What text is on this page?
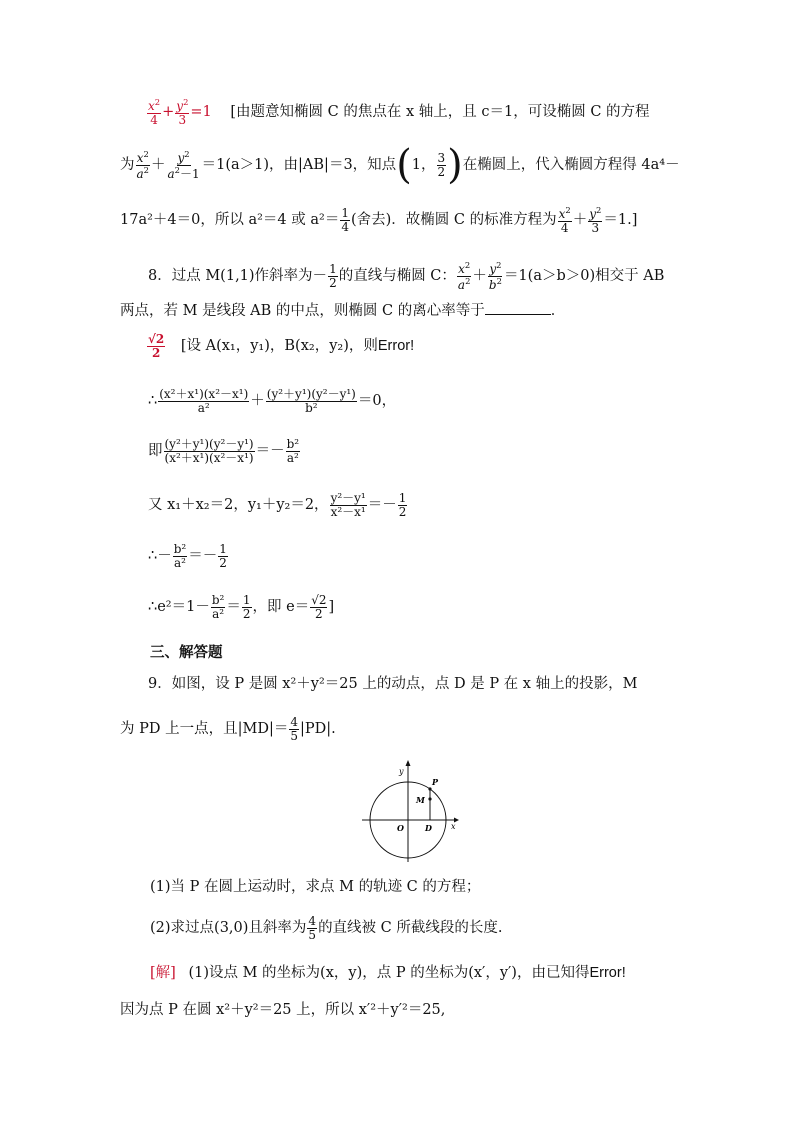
$\frac{x^2}{4} + \frac{y^2}{3} =1$ [由题意知椭圆 C 的焦点在 x 轴上，且 c＝1，可设椭圆 C 的方程
为 $\frac{x^2}{a^2} + \frac{y^2}{a^2-1} =1(a>1)$，由|AB|＝3，知点(1， $\frac{3}{2}$ )在椭圆上，代入椭圆方程得 4a⁴－
17a²＋4＝0，所以 a²＝4 或 $a^2= \frac{1}{4}$ (舍去)．故椭圆 C 的标准方程为 $\frac{x^2}{4} + \frac{y^2}{3} =1$.]
8．过点 M(1,1)作斜率为－ $\frac{1}{2}$ 的直线与椭圆 C： $\frac{x^2}{a^2} + \frac{y^2}{b^2} =1(a>b>0)$相交于 AB
两点，若 M 是线段 AB 的中点，则椭圆 C 的离心率等于	．
$\frac{√2}{2}$ [设 A(x₁，y₁)，B(x₂，y₂)，则Error!
∴ $\frac{\text{(x²＋x¹)(x²－x¹)}}{\text{a²}} + \frac{\text{(y²＋y¹)(y²－y¹)}}{\text{b²}} =0$，
即 $\frac{\text{(y²＋y¹)(y²－y¹)}}{\text{(x²＋x¹)(x²－x¹)}} =- \frac{\text{b²}}{\text{a²}}$
又 x₁＋x₂＝2，y₁＋y₂＝2， $\frac{\text{y²－y¹}}{\text{x²－x¹}} =- \frac{1}{2}$
∴－ $\frac{\text{b²}}{\text{a²}} =- \frac{1}{2}$
∴e²＝1－ $\frac{\text{b²}}{\text{a²}} = \frac{1}{2}$ ，即 $e= \frac{√2}{2}$ ]
三、解答题
9．如图，设 P 是圆 x²＋y²＝25 上的动点，点 D 是 P 在 x 轴上的投影，M
为 PD 上一点，且$|MD|= \frac{4}{5} |PD|$.
y
x
O	D
M
P
(1)当 P 在圆上运动时，求点 M 的轨迹 C 的方程；
(2)求过点(3,0)且斜率为 $\frac{4}{5}$ 的直线被 C 所截线段的长度.
[解] (1)设点 M 的坐标为(x，y)，点 P 的坐标为(x′，y′)，由已知得Error!
因为点 P 在圆 x²＋y²＝25 上，所以 x′²＋y′²＝25,
